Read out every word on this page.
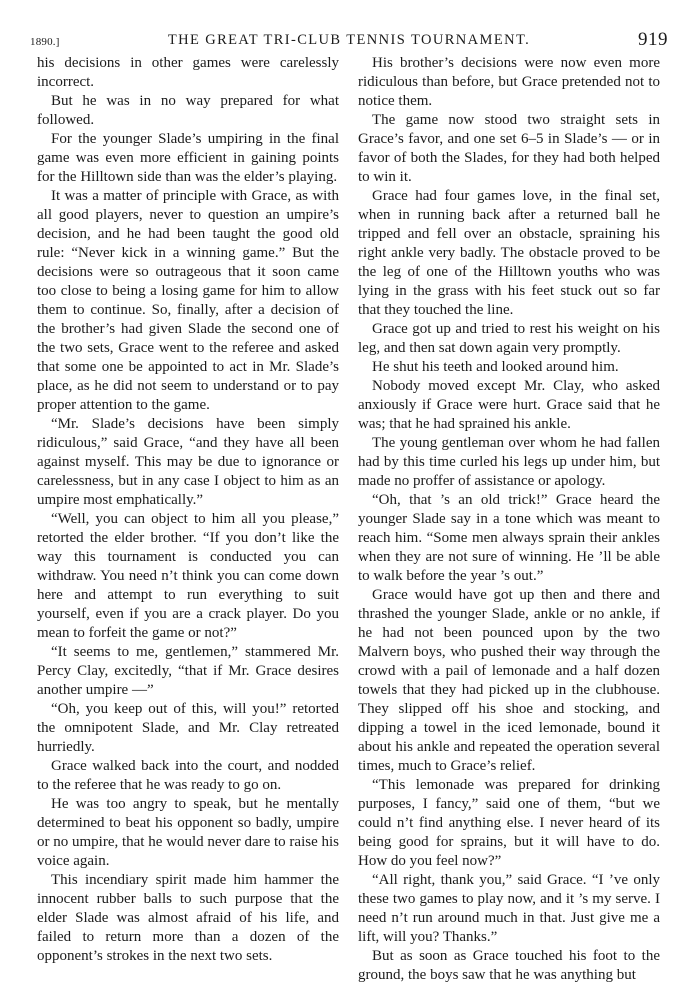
1890.]	THE GREAT TRI-CLUB TENNIS TOURNAMENT.	919

his decisions in other games were carelessly incorrect.

But he was in no way prepared for what followed.

For the younger Slade’s umpiring in the final game was even more efficient in gaining points for the Hilltown side than was the elder’s playing.

It was a matter of principle with Grace, as with all good players, never to question an umpire’s decision, and he had been taught the good old rule: “Never kick in a winning game.” But the decisions were so outrageous that it soon came too close to being a losing game for him to allow them to continue. So, finally, after a decision of the brother’s had given Slade the second one of the two sets, Grace went to the referee and asked that some one be appointed to act in Mr. Slade’s place, as he did not seem to understand or to pay proper attention to the game.

“Mr. Slade’s decisions have been simply ridiculous,” said Grace, “and they have all been against myself. This may be due to ignorance or carelessness, but in any case I object to him as an umpire most emphatically.”

“Well, you can object to him all you please,” retorted the elder brother. “If you don’t like the way this tournament is conducted you can withdraw. You need n’t think you can come down here and attempt to run everything to suit yourself, even if you are a crack player. Do you mean to forfeit the game or not?”

“It seems to me, gentlemen,” stammered Mr. Percy Clay, excitedly, “that if Mr. Grace desires another umpire —”

“Oh, you keep out of this, will you!” retorted the omnipotent Slade, and Mr. Clay retreated hurriedly.

Grace walked back into the court, and nodded to the referee that he was ready to go on.

He was too angry to speak, but he mentally determined to beat his opponent so badly, umpire or no umpire, that he would never dare to raise his voice again.

This incendiary spirit made him hammer the innocent rubber balls to such purpose that the elder Slade was almost afraid of his life, and failed to return more than a dozen of the opponent’s strokes in the next two sets.

His brother’s decisions were now even more ridiculous than before, but Grace pretended not to notice them.

The game now stood two straight sets in Grace’s favor, and one set 6–5 in Slade’s — or in favor of both the Slades, for they had both helped to win it.

Grace had four games love, in the final set, when in running back after a returned ball he tripped and fell over an obstacle, spraining his right ankle very badly. The obstacle proved to be the leg of one of the Hilltown youths who was lying in the grass with his feet stuck out so far that they touched the line.

Grace got up and tried to rest his weight on his leg, and then sat down again very promptly.

He shut his teeth and looked around him.

Nobody moved except Mr. Clay, who asked anxiously if Grace were hurt. Grace said that he was; that he had sprained his ankle.

The young gentleman over whom he had fallen had by this time curled his legs up under him, but made no proffer of assistance or apology.

“Oh, that ’s an old trick!” Grace heard the younger Slade say in a tone which was meant to reach him. “Some men always sprain their ankles when they are not sure of winning. He ’ll be able to walk before the year ’s out.”

Grace would have got up then and there and thrashed the younger Slade, ankle or no ankle, if he had not been pounced upon by the two Malvern boys, who pushed their way through the crowd with a pail of lemonade and a half dozen towels that they had picked up in the clubhouse. They slipped off his shoe and stocking, and dipping a towel in the iced lemonade, bound it about his ankle and repeated the operation several times, much to Grace’s relief.

“This lemonade was prepared for drinking purposes, I fancy,” said one of them, “but we could n’t find anything else. I never heard of its being good for sprains, but it will have to do. How do you feel now?”

“All right, thank you,” said Grace. “I ’ve only these two games to play now, and it ’s my serve. I need n’t run around much in that. Just give me a lift, will you? Thanks.”

But as soon as Grace touched his foot to the ground, the boys saw that he was anything but
